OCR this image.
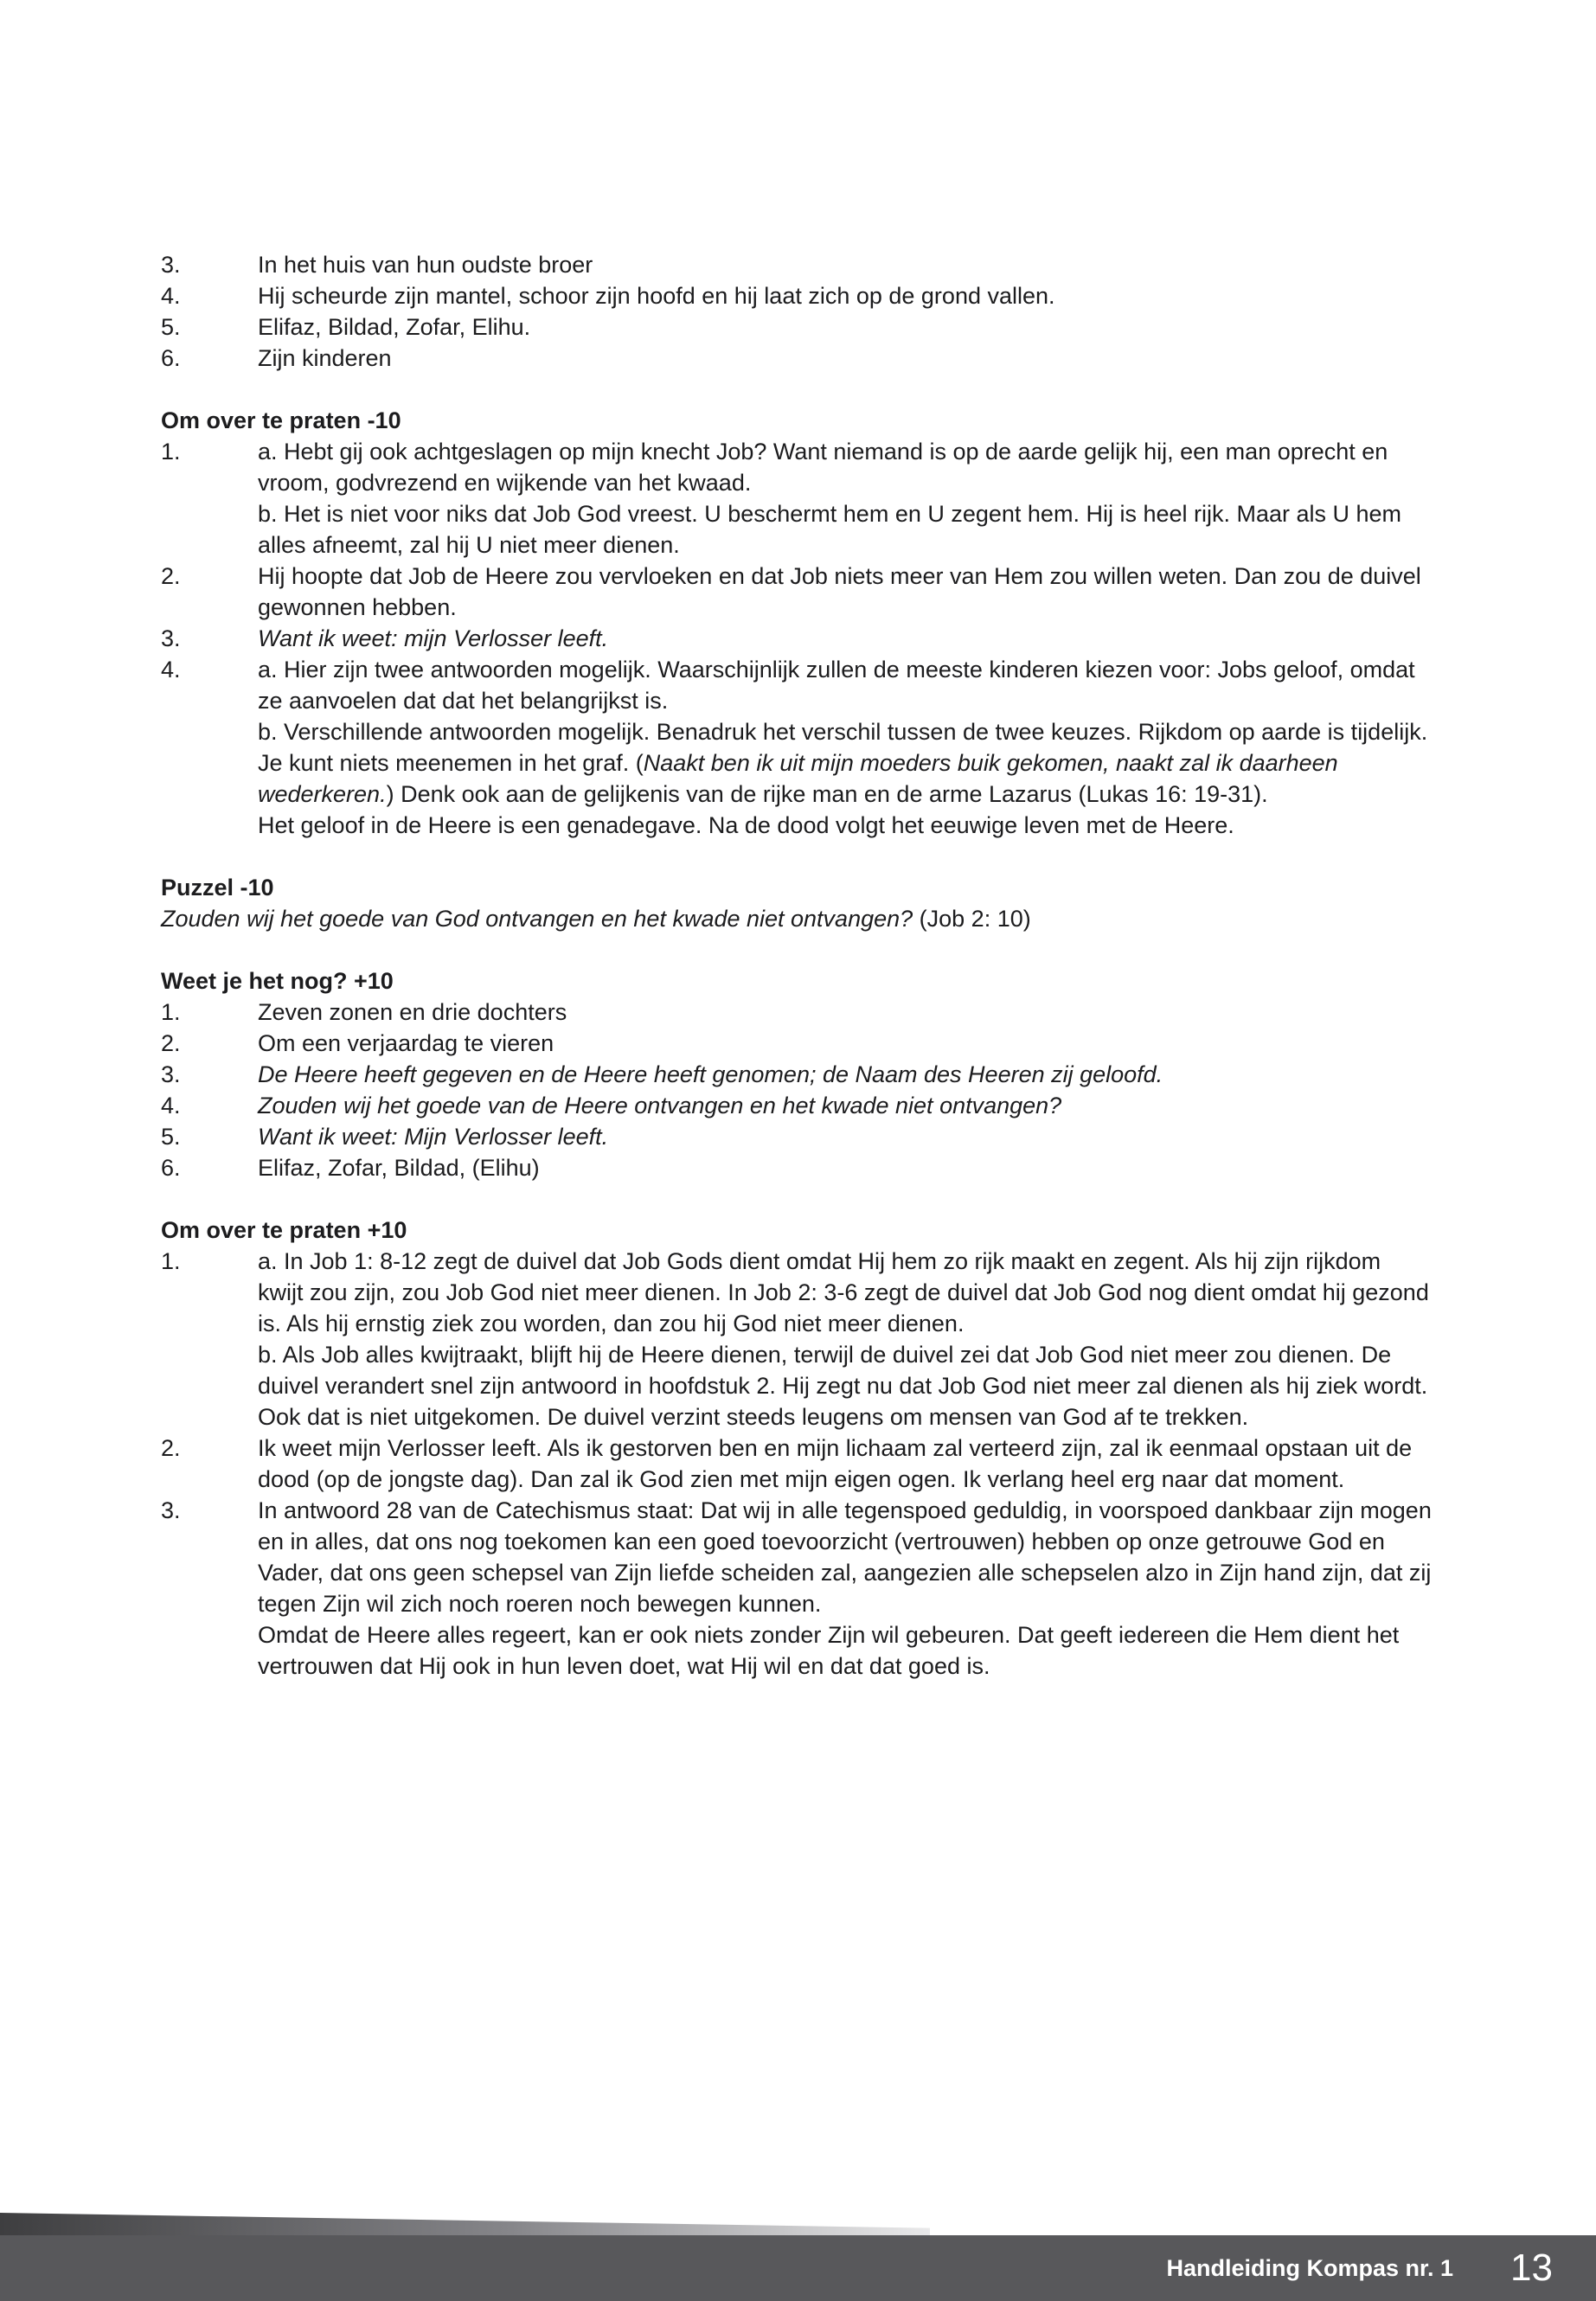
3.	In het huis van hun oudste broer
4.	Hij scheurde zijn mantel, schoor zijn hoofd en hij laat zich op de grond vallen.
5.	Elifaz, Bildad, Zofar, Elihu.
6.	Zijn kinderen
Om over te praten -10
1.	a. Hebt gij ook achtgeslagen op mijn knecht Job? Want niemand is op de aarde gelijk hij, een man oprecht en vroom, godvrezend en wijkende van het kwaad.
b. Het is niet voor niks dat Job God vreest. U beschermt hem en U zegent hem. Hij is heel rijk. Maar als U hem alles afneemt, zal hij U niet meer dienen.
2.	Hij hoopte dat Job de Heere zou vervloeken en dat Job niets meer van Hem zou willen weten. Dan zou de duivel gewonnen hebben.
3.	Want ik weet: mijn Verlosser leeft.
4.	a. Hier zijn twee antwoorden mogelijk. Waarschijnlijk zullen de meeste kinderen kiezen voor: Jobs geloof, omdat ze aanvoelen dat dat het belangrijkst is.
b. Verschillende antwoorden mogelijk. Benadruk het verschil tussen de twee keuzes. Rijkdom op aarde is tijdelijk. Je kunt niets meenemen in het graf. (Naakt ben ik uit mijn moeders buik gekomen, naakt zal ik daarheen wederkeren.) Denk ook aan de gelijkenis van de rijke man en de arme Lazarus (Lukas 16: 19-31).
Het geloof in de Heere is een genadegave. Na de dood volgt het eeuwige leven met de Heere.
Puzzel -10
Zouden wij het goede van God ontvangen en het kwade niet ontvangen? (Job 2: 10)
Weet je het nog? +10
1.	Zeven zonen en drie dochters
2.	Om een verjaardag te vieren
3.	De Heere heeft gegeven en de Heere heeft genomen; de Naam des Heeren zij geloofd.
4.	Zouden wij het goede van de Heere ontvangen en het kwade niet ontvangen?
5.	Want ik weet: Mijn Verlosser leeft.
6.	Elifaz, Zofar, Bildad, (Elihu)
Om over te praten +10
1.	a. In Job 1: 8-12 zegt de duivel dat Job Gods dient omdat Hij hem zo rijk maakt en zegent. Als hij zijn rijkdom kwijt zou zijn, zou Job God niet meer dienen. In Job 2: 3-6 zegt de duivel dat Job God nog dient omdat hij gezond is. Als hij ernstig ziek zou worden, dan zou hij God niet meer dienen.
b. Als Job alles kwijtraakt, blijft hij de Heere dienen, terwijl de duivel zei dat Job God niet meer zou dienen. De duivel verandert snel zijn antwoord in hoofdstuk 2. Hij zegt nu dat Job God niet meer zal dienen als hij ziek wordt. Ook dat is niet uitgekomen. De duivel verzint steeds leugens om mensen van God af te trekken.
2.	Ik weet mijn Verlosser leeft. Als ik gestorven ben en mijn lichaam zal verteerd zijn, zal ik eenmaal opstaan uit de dood (op de jongste dag). Dan zal ik God zien met mijn eigen ogen. Ik verlang heel erg naar dat moment.
3.	In antwoord 28 van de Catechismus staat: Dat wij in alle tegenspoed geduldig, in voorspoed dankbaar zijn mogen en in alles, dat ons nog toekomen kan een goed toevoorzicht (vertrouwen) hebben op onze getrouwe God en Vader, dat ons geen schepsel van Zijn liefde scheiden zal, aangezien alle schepselen alzo in Zijn hand zijn, dat zij tegen Zijn wil zich noch roeren noch bewegen kunnen.
Omdat de Heere alles regeert, kan er ook niets zonder Zijn wil gebeuren. Dat geeft iedereen die Hem dient het vertrouwen dat Hij ook in hun leven doet, wat Hij wil en dat dat goed is.
Handleiding Kompas nr. 1 13
